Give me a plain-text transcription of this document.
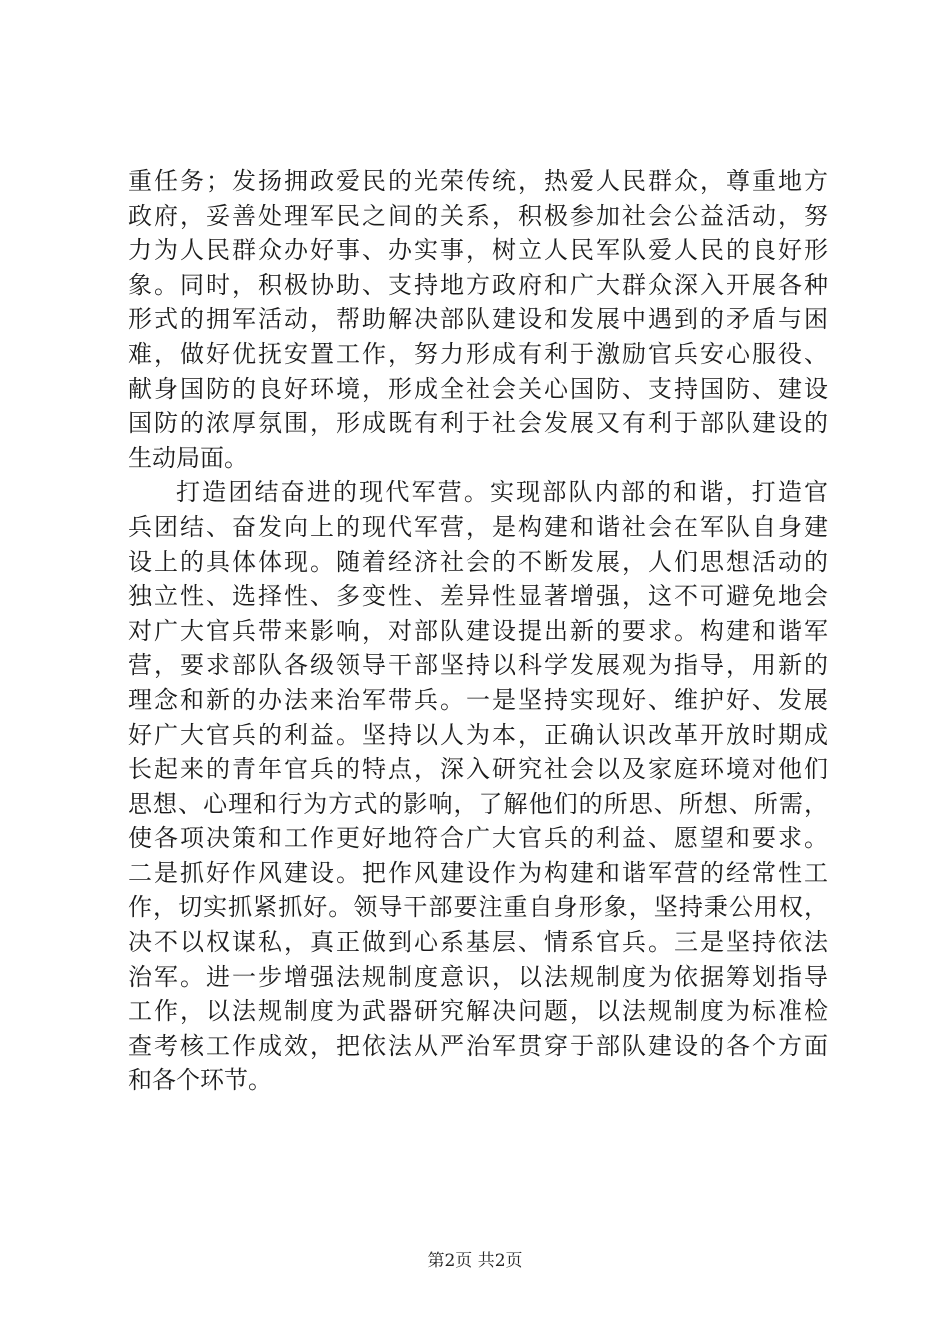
重任务；发扬拥政爱民的光荣传统，热爱人民群众，尊重地方
政府，妥善处理军民之间的关系，积极参加社会公益活动，努
力为人民群众办好事、办实事，树立人民军队爱人民的良好形
象。同时，积极协助、支持地方政府和广大群众深入开展各种
形式的拥军活动，帮助解决部队建设和发展中遇到的矛盾与困
难，做好优抚安置工作，努力形成有利于激励官兵安心服役、
献身国防的良好环境，形成全社会关心国防、支持国防、建设
国防的浓厚氛围，形成既有利于社会发展又有利于部队建设的
生动局面。
打造团结奋进的现代军营。实现部队内部的和谐，打造官
兵团结、奋发向上的现代军营，是构建和谐社会在军队自身建
设上的具体体现。随着经济社会的不断发展，人们思想活动的
独立性、选择性、多变性、差异性显著增强，这不可避免地会
对广大官兵带来影响，对部队建设提出新的要求。构建和谐军
营，要求部队各级领导干部坚持以科学发展观为指导，用新的
理念和新的办法来治军带兵。一是坚持实现好、维护好、发展
好广大官兵的利益。坚持以人为本，正确认识改革开放时期成
长起来的青年官兵的特点，深入研究社会以及家庭环境对他们
思想、心理和行为方式的影响，了解他们的所思、所想、所需，
使各项决策和工作更好地符合广大官兵的利益、愿望和要求。
二是抓好作风建设。把作风建设作为构建和谐军营的经常性工
作，切实抓紧抓好。领导干部要注重自身形象，坚持秉公用权，
决不以权谋私，真正做到心系基层、情系官兵。三是坚持依法
治军。进一步增强法规制度意识，以法规制度为依据筹划指导
工作，以法规制度为武器研究解决问题，以法规制度为标准检
查考核工作成效，把依法从严治军贯穿于部队建设的各个方面
和各个环节。
第2页 共2页
